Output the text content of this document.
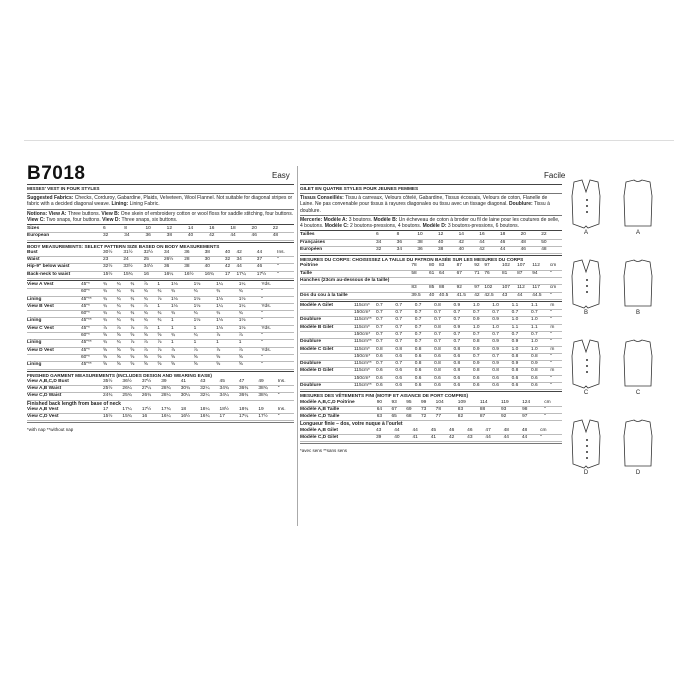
B7018	Easy	Facile
MISSES' VEST IN FOUR STYLES
Suggested Fabrics: Checks, Corduroy, Gabardine, Plaids, Velveteen, Wool Flannel. Not suitable for diagonal stripes or fabric with a decided diagonal weave. Lining: Lining Fabric.
Notions: View A: Three buttons. View B: One skein of embroidery cotton or wool floss for saddle stitching, four buttons. View C: Two snaps, four buttons. View D: Three snaps, six buttons.
Sizes		6	8	10	12	14	16	18	20	22
European		32	34	36	38	40	42	44	46	48
BODY MEASUREMENTS: SELECT PATTERN SIZE BASED ON BODY MEASUREMENTS
Bust		30½	31½	32½	34	36	38	40	42	44	Ins.
Waist		23	24	25	26½	28	30	32	34	37	"
Hip-9" below waist		32½	33½	34½	36	38	40	42	44	46	"
Back-neck to waist		15½	15¾	16	16¼	16½	16¾	17	17¼	17½	"
View A Vest	45"*	¾	¾	¾	⅞	1	1⅛	1⅛	1¼	1¼	Yds.
	60"*	¾	¾	¾	¾	¾	¾	¾	¾	¾	"
Lining	45"**	¾	¾	¾	¾	⅞	1⅛	1⅛	1⅛	1⅛	"
View B Vest	45"*	¾	¾	¾	⅞	1	1⅛	1⅛	1¼	1¼	Yds.
	60"*	¾	¾	¾	¾	¾	¾	¾	¾	¾	"
Lining	45"**	¾	¾	¾	¾	¾	1	1⅛	1⅛	1⅛	"
View C Vest	45"*	⅞	⅞	⅞	⅞	1	1	1	1⅛	1⅛	Yds.
	60"*	⅝	⅝	⅝	⅝	⅝	¾	¾	⅞	⅞	"
Lining	45"**	¾	¾	⅞	⅞	⅞	1	1	1	1	"
View D Vest	45"*	⅝	⅝	⅝	⅞	⅞	⅞	⅞	⅞	⅞	Yds.
	60"*	⅝	⅝	⅝	⅝	⅝	⅝	⅝	⅝	⅝	"
Lining	45"**	⅝	⅝	⅝	⅝	⅝	⅝	⅝	⅝	⅝	"
FINISHED GARMENT MEASUREMENTS (INCLUDES DESIGN AND WEARING EASE)
View A,B,C,D Bust		35½	36½	37½	39	41	43	45	47	49	Ins.
View A,B Waist		25½	26¼	27¼	28¾	30¾	32¼	34¾	36¾	38¾	"
View C,D Waist		24¾	25¾	26¾	28¼	30¼	32¼	34¼	36¾	38¾	"
Finished back length from base of neck
View A,B Vest		17	17¼	17½	17¾	18	18¼	18½	18¾	19	Ins.
View C,D Vest		15½	15¾	16	16¼	16½	16¾	17	17¼	17½	"
*with nap **without nap
GILET EN QUATRE STYLES POUR JEUNES FEMMES
Tissus Conseillés: Tissu à carreaux, Velours côtelé, Gabardine, Tissus écossais, Velours de coton, Flanelle de Laine. Ne pas convenable pour tissus à rayures diagonales ou tissu avec un tissage diagonal. Doublure: Tissu à doublure.
Mercerie: Modèle A: 3 boutons. Modèle B: Un écheveau de coton à broder ou fil de laine pour les coutures de selle, 4 boutons. Modèle C: 2 boutons-pressions, 4 boutons. Modèle D: 3 boutons-pressions, 6 boutons.
Tailles		6	8	10	12	14	16	18	20	22
Françaises		34	36	38	40	42	44	46	48	50
Européen		32	34	36	38	40	42	44	46	48
MESURES DU CORPS: CHOISISSEZ LA TAILLE DU PATRON BASÉE SUR LES MESURES DU CORPS
Poitrine		78	80	83	87	92	97	102	107	112	cm
Taille		58	61	64	67	71	76	81	87	94	"
Hanches (23cm au-dessous de la taille)											
		83	85	88	92	97	102	107	112	117	cm
Dos du cou à la taille		39.5	40	40.5	41.5	42	42.5	43	44	44.5	"
Modèle A Gilet	115cm*	0.7	0.7	0.7	0.8	0.9	1.0	1.0	1.1	1.1	m
	150cm*	0.7	0.7	0.7	0.7	0.7	0.7	0.7	0.7	0.7	"
Doublure	115cm**	0.7	0.7	0.7	0.7	0.7	0.9	0.9	1.0	1.0	"
Modèle B Gilet	115cm*	0.7	0.7	0.7	0.8	0.9	1.0	1.0	1.1	1.1	m
	150cm*	0.7	0.7	0.7	0.7	0.7	0.7	0.7	0.7	0.7	"
Doublure	115cm**	0.7	0.7	0.7	0.7	0.7	0.8	0.9	0.9	1.0	"
Modèle C Gilet	115cm*	0.8	0.8	0.8	0.8	0.8	0.9	0.9	1.0	1.0	m
	150cm*	0.6	0.6	0.6	0.6	0.6	0.7	0.7	0.8	0.8	"
Doublure	115cm**	0.7	0.7	0.8	0.8	0.8	0.9	0.9	0.9	0.9	"
Modèle D Gilet	115cm*	0.6	0.6	0.6	0.8	0.8	0.8	0.8	0.8	0.8	m
	150cm*	0.6	0.6	0.6	0.6	0.6	0.6	0.6	0.6	0.6	"
Doublure	115cm**	0.6	0.6	0.6	0.6	0.6	0.6	0.6	0.6	0.6	"
MESURES DES VÊTEMENTS FINI (MOTIF ET AISANCE DE PORT COMPRIS)
Modèle A,B,C,D Poitrine		90	93	95	99	104	109	114	119	124	cm
Modèle A,B Taille		64	67	69	73	78	83	88	93	98	"
Modèle C,D Taille		63	65	68	72	77	82	87	92	97	"
Longueur finie – dos, votre nuque à l'ourlet
Modèle A,B Gilet		43	44	44	45	46	46	47	48	48	cm
Modèle C,D Gilet		39	40	41	41	42	43	44	44	44	"
*avec sens **sans sens
A	A
B	B
C	C
D	D
